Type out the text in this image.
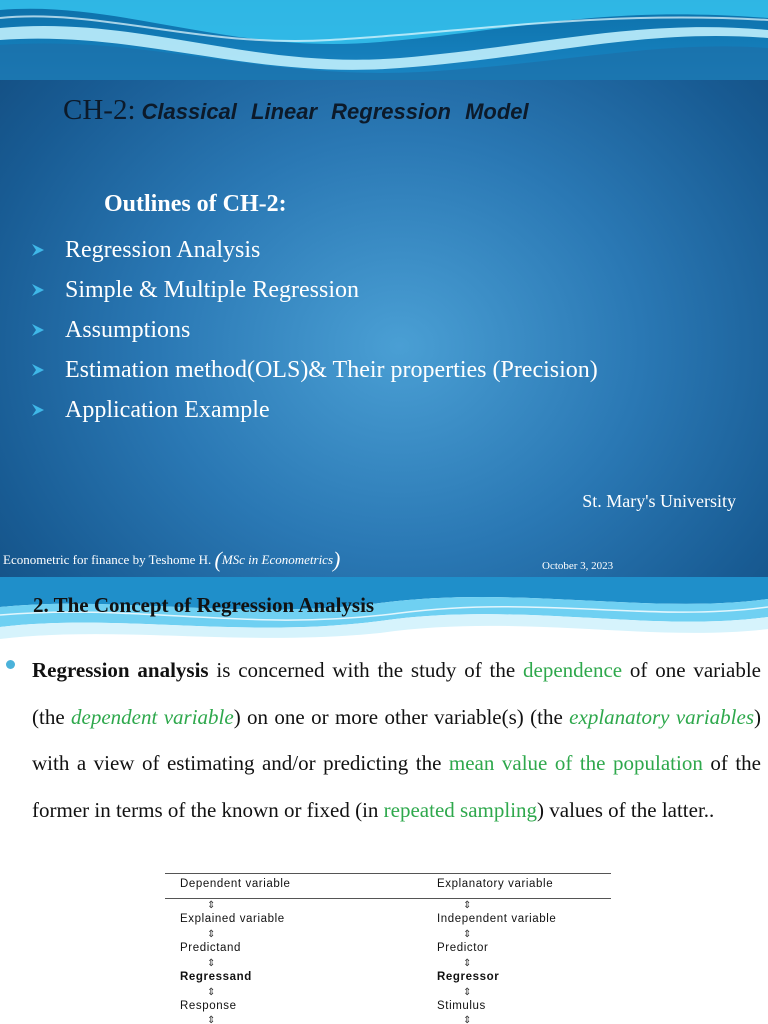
CH-2: Classical Linear Regression Model
Outlines of CH-2:
Regression Analysis
Simple & Multiple Regression
Assumptions
Estimation method(OLS)& Their properties (Precision)
Application Example
St. Mary's University
Econometric for finance by Teshome H. (MSc in Econometrics)	October 3, 2023
2. The Concept of Regression Analysis

Regression analysis is concerned with the study of the dependence of one variable (the dependent variable) on one or more other variable(s) (the explanatory variables) with a view of estimating and/or predicting the mean value of the population of the former in terms of the known or fixed (in repeated sampling) values of the latter..

Dependent variable	Explanatory variable
⇕	⇕
Explained variable	Independent variable
⇕	⇕
Predictand	Predictor
⇕	⇕
Regressand	Regressor
⇕	⇕
Response	Stimulus
⇕	⇕
